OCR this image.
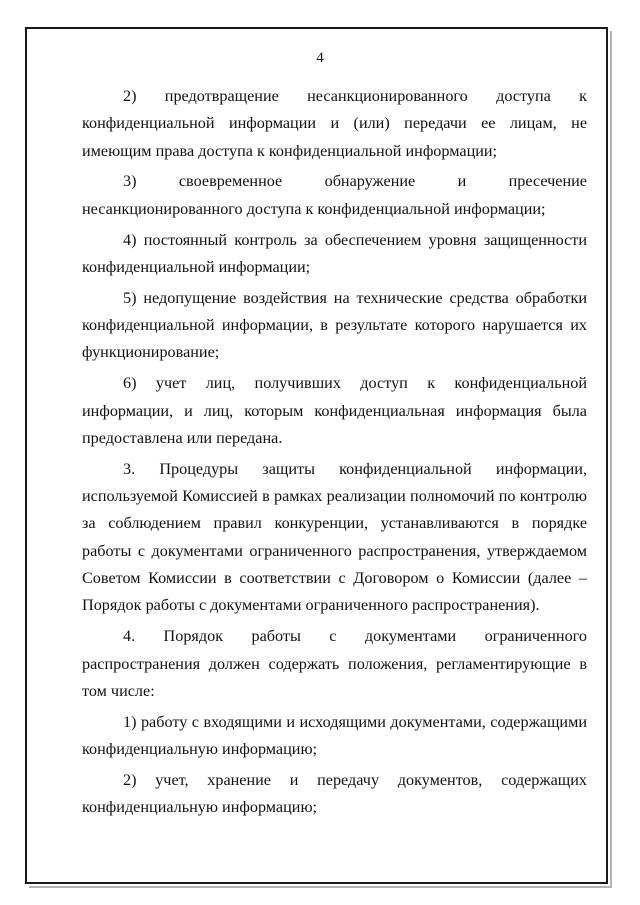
4

2) предотвращение несанкционированного доступа к конфиденциальной информации и (или) передачи ее лицам, не имеющим права доступа к конфиденциальной информации;

3) своевременное обнаружение и пресечение несанкционированного доступа к конфиденциальной информации;

4) постоянный контроль за обеспечением уровня защищенности конфиденциальной информации;

5) недопущение воздействия на технические средства обработки конфиденциальной информации, в результате которого нарушается их функционирование;

6) учет лиц, получивших доступ к конфиденциальной информации, и лиц, которым конфиденциальная информация была предоставлена или передана.

3. Процедуры защиты конфиденциальной информации, используемой Комиссией в рамках реализации полномочий по контролю за соблюдением правил конкуренции, устанавливаются в порядке работы с документами ограниченного распространения, утверждаемом Советом Комиссии в соответствии с Договором о Комиссии (далее – Порядок работы с документами ограниченного распространения).

4. Порядок работы с документами ограниченного распространения должен содержать положения, регламентирующие в том числе:

1) работу с входящими и исходящими документами, содержащими конфиденциальную информацию;

2) учет, хранение и передачу документов, содержащих конфиденциальную информацию;
